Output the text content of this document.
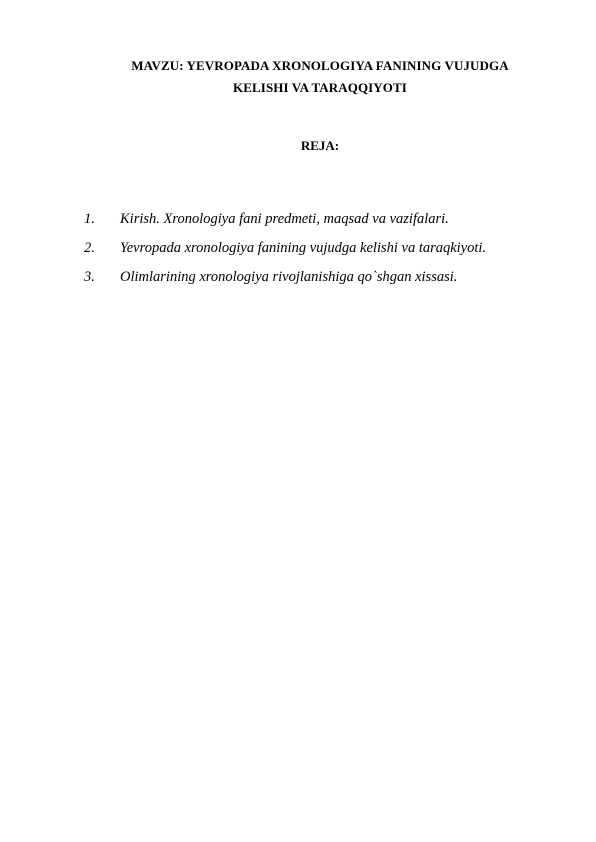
MAVZU: YEVROPADA XRONOLOGIYA FANINING VUJUDGA
KELISHI VA TARAQQIYOTI
REJA:
1.	Kirish. Xronologiya fani predmeti, maqsad va vazifalari.
2.	Yevropada xronologiya fanining vujudga kelishi va taraqkiyoti.
3.	Olimlarining xronologiya rivojlanishiga qo`shgan xissasi.
